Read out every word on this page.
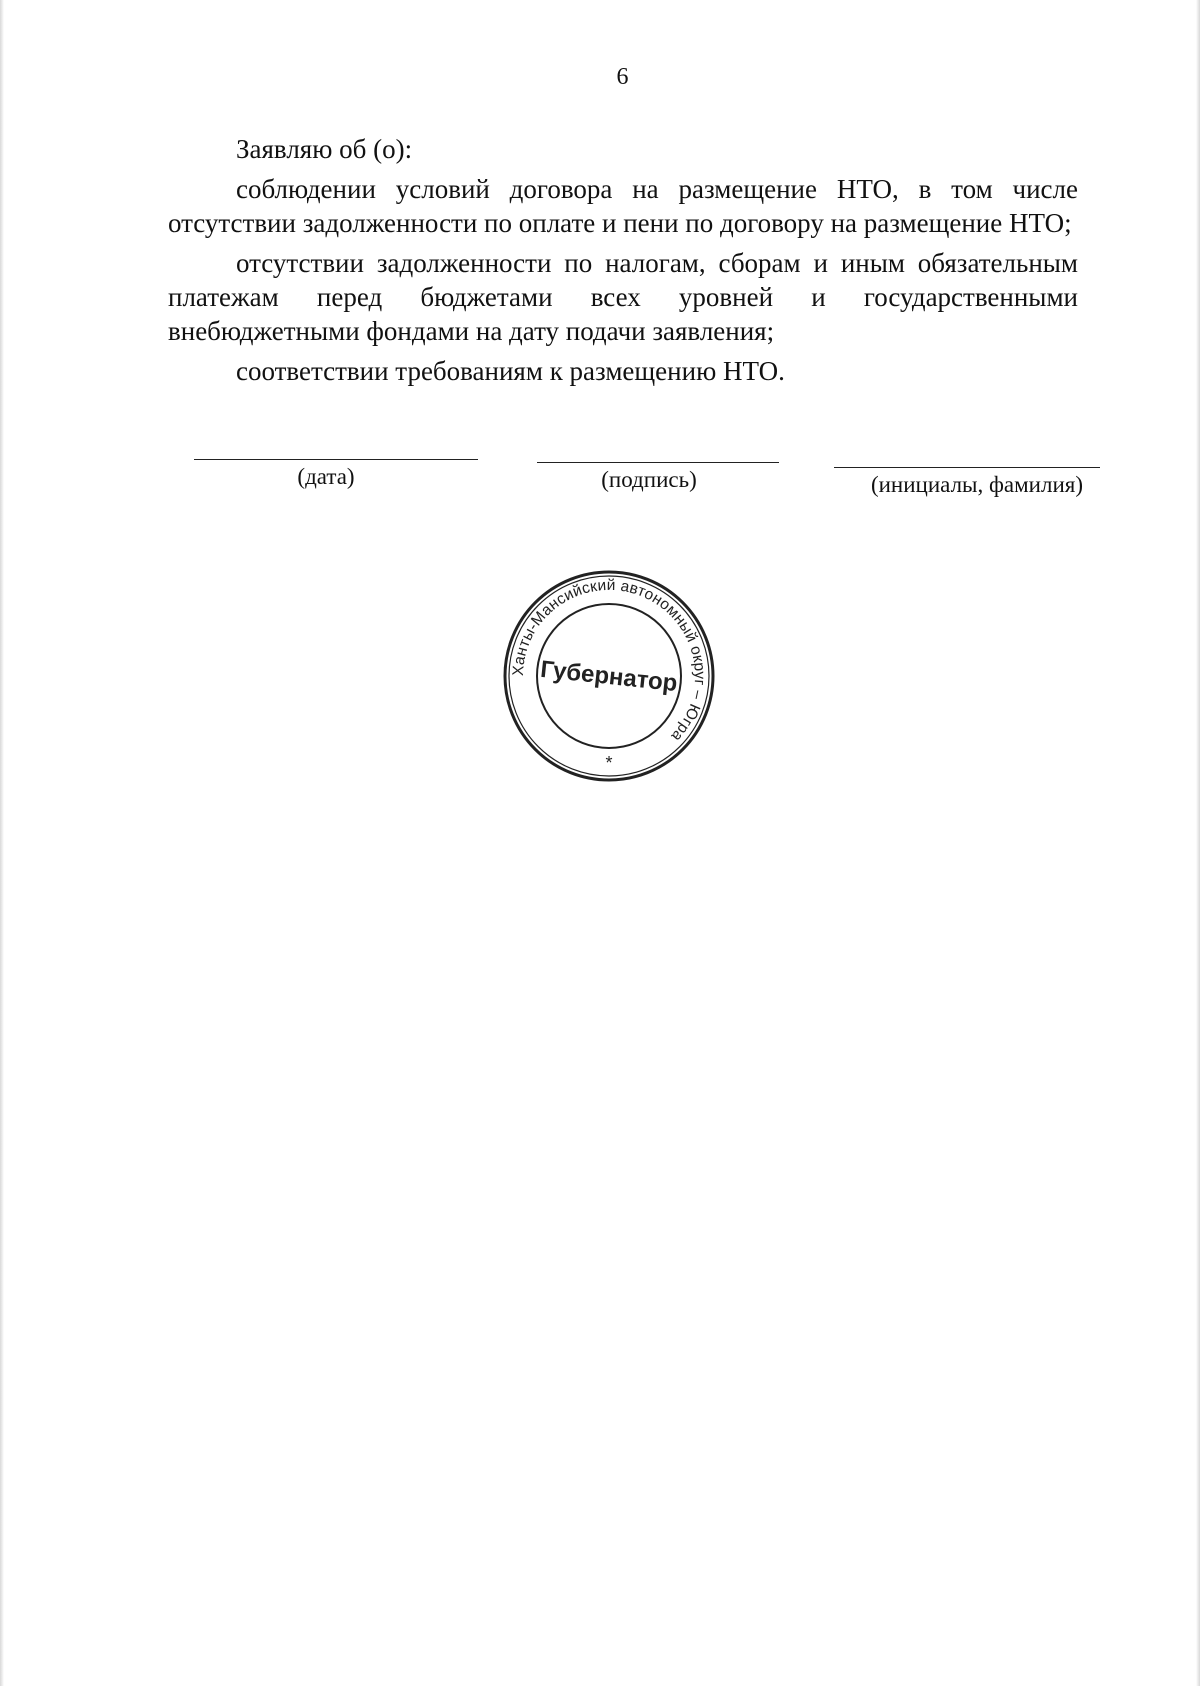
6

Заявляю об (о):

соблюдении условий договора на размещение НТО, в том числе отсутствии задолженности по оплате и пени по договору на размещение НТО;

отсутствии задолженности по налогам, сборам и иным обязательным платежам перед бюджетами всех уровней и государственными внебюджетными фондами на дату подачи заявления;

соответствии требованиям к размещению НТО.

(дата)	(подпись)	(инициалы, фамилия)
Ханты-Мансийский автономный округ – Югра
Губернатор
*
